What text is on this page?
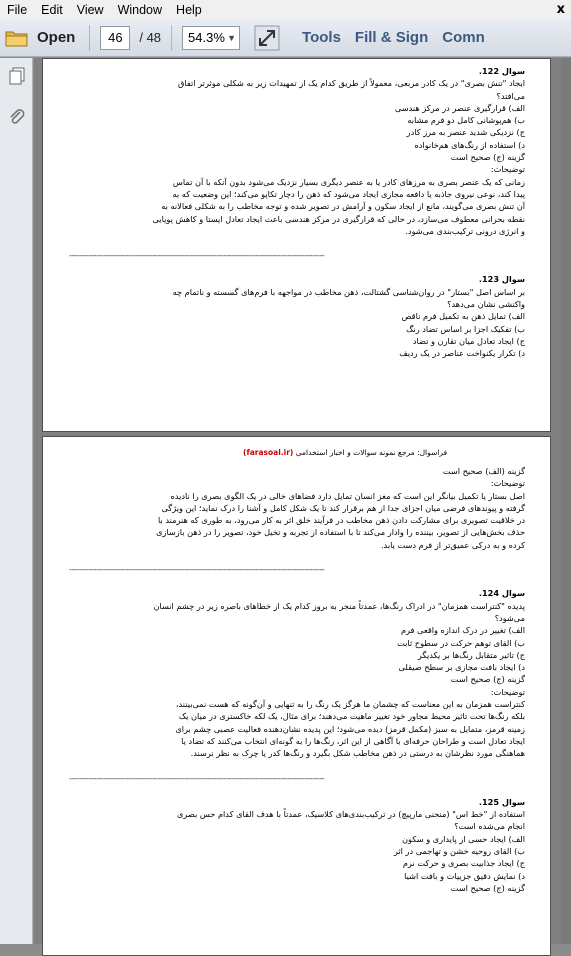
File	Edit	View	Window	Help	x
Open	46	/ 48	54.3% ▼	Tools Fill & Sign Comn

سوال 122.

ایجاد "تنش بصری" در یک کادر مربعی، معمولاً از طریق کدام یک از تمهیدات زیر به شکلی موثرتر اتفاق

می‌افتد؟

الف) قرارگیری عنصر در مرکز هندسی

ب) هم‌پوشانی کامل دو فرم مشابه

ج) نزدیکی شدید عنصر به مرز کادر

د) استفاده از رنگ‌های هم‌خانواده

گزینه (ج) صحیح است

توضیحات:

زمانی که یک عنصر بصری به مرزهای کادر یا به عنصر دیگری بسیار نزدیک می‌شود بدون آنکه با آن تماس

پیدا کند، نوعی نیروی جاذبه یا دافعه مجازی ایجاد می‌شود که ذهن را دچار تکاپو می‌کند؛ این وضعیت که به

آن تنش بصری می‌گویند، مانع از ایجاد سکون و آرامش در تصویر شده و توجه مخاطب را به شکلی فعالانه به

نقطه بحرانی معطوف می‌سازد، در حالی که قرارگیری در مرکز هندسی باعث ایجاد تعادل ایستا و کاهش پویایی

و انرژی درونی ترکیب‌بندی می‌شود.

--------------------------------------------------------------------------------------------------------

سوال 123.

بر اساس اصل "بستار" در روان‌شناسی گشتالت، ذهن مخاطب در مواجهه با فرم‌های گسسته و ناتمام چه

واکنشی نشان می‌دهد؟

الف) تمایل ذهن به تکمیل فرم ناقص

ب) تفکیک اجزا بر اساس تضاد رنگ

ج) ایجاد تعادل میان تقارن و تضاد

د) تکرار یکنواخت عناصر در یک ردیف

فراسوال: مرجع نمونه سوالات و اخبار استخدامی (farasoal.ir)

گزینه (الف) صحیح است

توضیحات:

اصل بستار یا تکمیل بیانگر این است که مغز انسان تمایل دارد فضاهای خالی در یک الگوی بصری را نادیده

گرفته و پیوندهای فرضی میان اجزای جدا از هم برقرار کند تا یک شکل کامل و آشنا را درک نماید؛ این ویژگی

در خلاقیت تصویری برای مشارکت دادن ذهن مخاطب در فرآیند خلق اثر به کار می‌رود، به طوری که هنرمند با

حذف بخش‌هایی از تصویر، بیننده را وادار می‌کند تا با استفاده از تجربه و تخیل خود، تصویر را در ذهن بازسازی

کرده و به درکی عمیق‌تر از فرم دست یابد.

--------------------------------------------------------------------------------------------------------

سوال 124.

پدیده "کنتراست همزمان" در ادراک رنگ‌ها، عمدتاً منجر به بروز کدام یک از خطاهای باصره زیر در چشم انسان

می‌شود؟

الف) تغییر در درک اندازه واقعی فرم

ب) القای توهم حرکت در سطوح ثابت

ج) تاثیر متقابل رنگ‌ها بر یکدیگر

د) ایجاد بافت مجازی بر سطح صیقلی

گزینه (ج) صحیح است

توضیحات:

کنتراست همزمان به این معناست که چشمان ما هرگز یک رنگ را به تنهایی و آن‌گونه که هست نمی‌بینند،

بلکه رنگ‌ها تحت تاثیر محیط مجاور خود تغییر ماهیت می‌دهند؛ برای مثال، یک لکه خاکستری در میان یک

زمینه قرمز، متمایل به سبز (مکمل قرمز) دیده می‌شود؛ این پدیده نشان‌دهنده فعالیت عصبی چشم برای

ایجاد تعادل است و طراحان حرفه‌ای با آگاهی از این اثر، رنگ‌ها را به گونه‌ای انتخاب می‌کنند که تضاد یا

هماهنگی مورد نظرشان به درستی در ذهن مخاطب شکل بگیرد و رنگ‌ها کدر یا چرک به نظر نرسند.

--------------------------------------------------------------------------------------------------------

سوال 125.

استفاده از "خط اس" (منحنی مارپیچ) در ترکیب‌بندی‌های کلاسیک، عمدتاً با هدف القای کدام حس بصری

انجام می‌شده است؟

الف) ایجاد حسی از پایداری و سکون

ب) القای روحیه خشن و تهاجمی در اثر

ج) ایجاد جذابیت بصری و حرکت نرم

د) نمایش دقیق جزییات و بافت اشیا

گزینه (ج) صحیح است
